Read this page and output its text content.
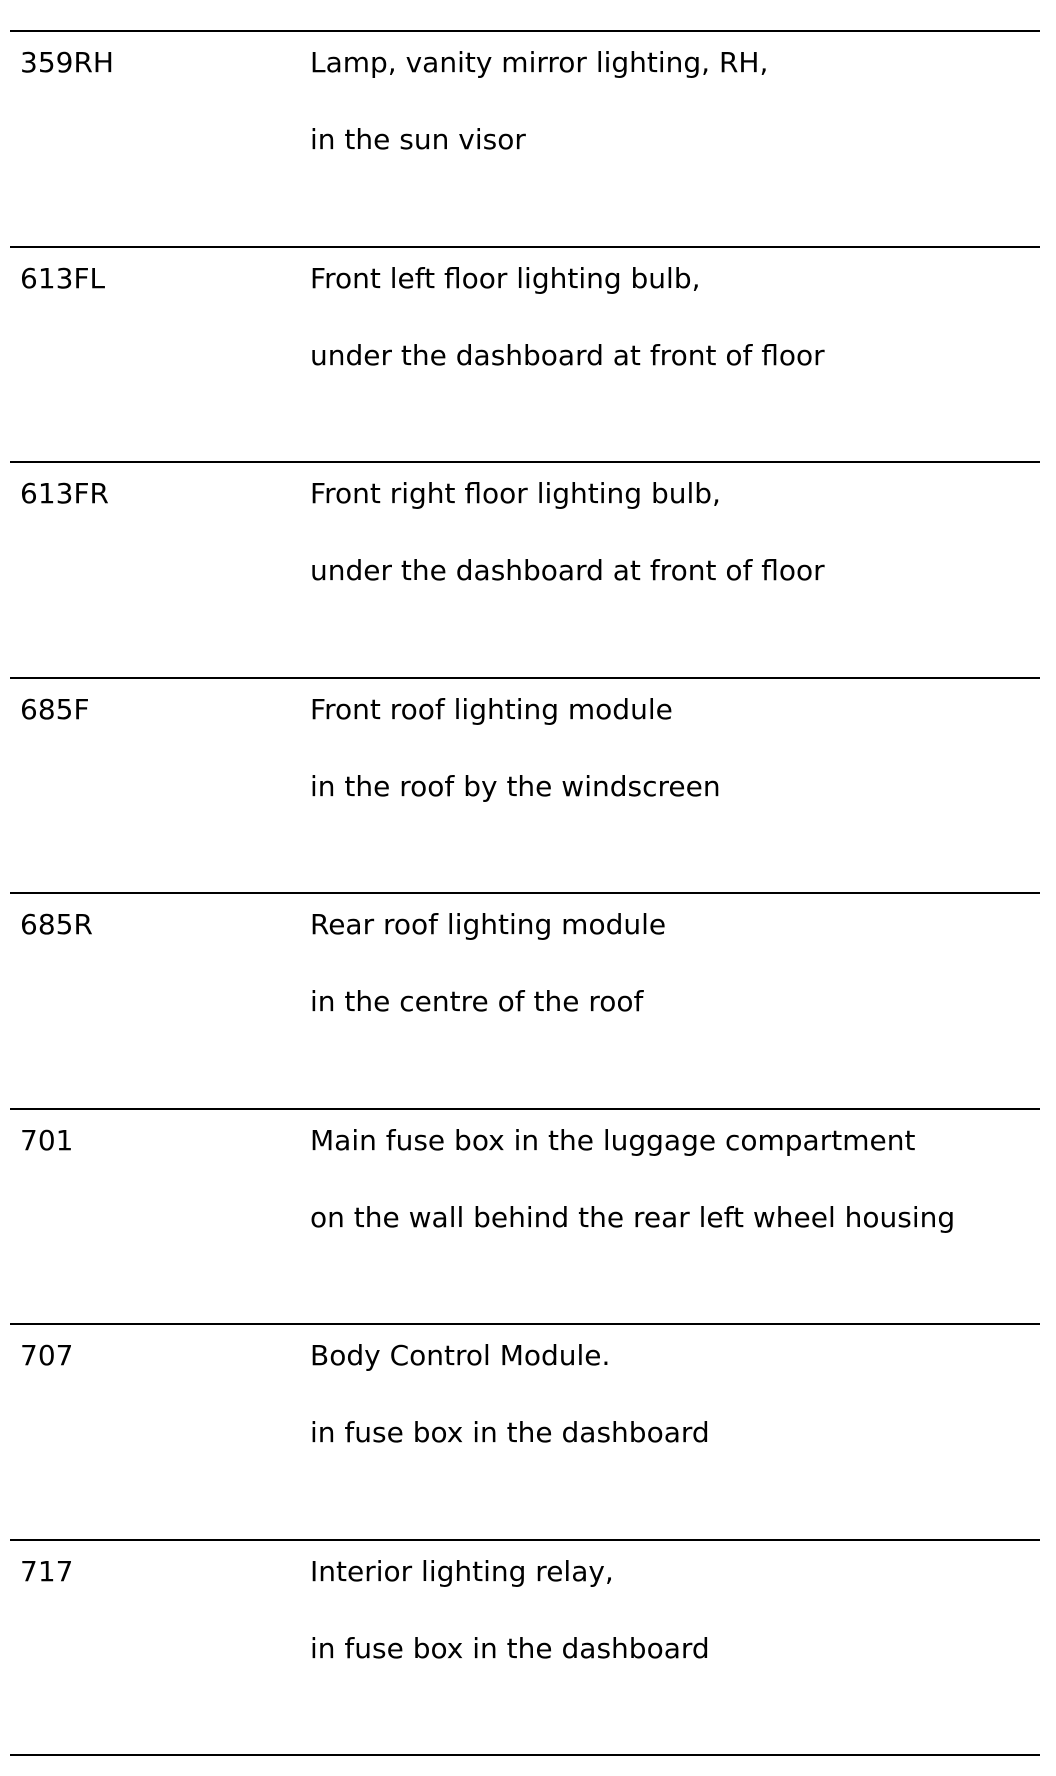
359RH	Lamp, vanity mirror lighting, RH,
in the sun visor
613FL	Front left floor lighting bulb,
under the dashboard at front of floor
613FR	Front right floor lighting bulb,
under the dashboard at front of floor
685F	Front roof lighting module
in the roof by the windscreen
685R	Rear roof lighting module
in the centre of the roof
701	Main fuse box in the luggage compartment
on the wall behind the rear left wheel housing
707	Body Control Module.
in fuse box in the dashboard
717	Interior lighting relay,
in fuse box in the dashboard
